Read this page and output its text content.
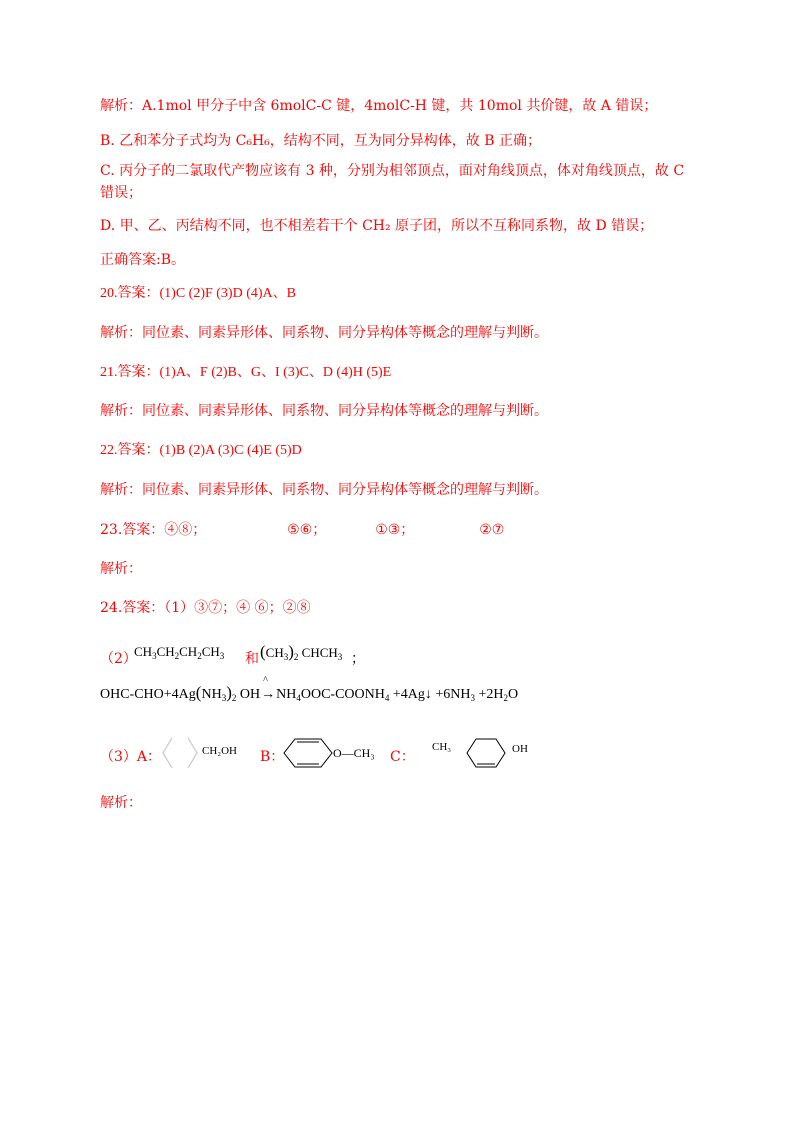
解析：A.1mol 甲分子中含 6molC-C 键，4molC-H 键，共 10mol 共价键，故 A 错误；
B. 乙和苯分子式均为 C₆H₆，结构不同，互为同分异构体，故 B 正确；
C. 丙分子的二氯取代产物应该有 3 种，分别为相邻顶点，面对角线顶点，体对角线顶点，故 C 错误；
D. 甲、乙、丙结构不同，也不相差若干个 CH₂ 原子团，所以不互称同系物，故 D 错误；
正确答案:B。
20.答案：(1)C (2)F (3)D (4)A、B
解析：同位素、同素异形体、同系物、同分异构体等概念的理解与判断。
21.答案：(1)A、F (2)B、G、I (3)C、D (4)H (5)E
解析：同位素、同素异形体、同系物、同分异构体等概念的理解与判断。
22.答案：(1)B (2)A (3)C (4)E (5)D
解析：同位素、同素异形体、同系物、同分异构体等概念的理解与判断。
23.答案：④⑧；	⑤⑥；	①③；	②⑦
解析：
24.答案：（1）③⑦；④ ⑥；②⑧
（2）
$CH_3CH_2CH_2CH_3$ 和 $(CH_3)_2$ $CHCH_3$ ；
OHC-$CHO+4Ag(NH_3)_2$ OH
^
$\to NH_4OOC-COONH_4$ +4Ag↓ $+6NH_3 +2H_2O$
（3）A：	CH₂OH B：	O—CH₃ C：
CH₃	OH
解析：
